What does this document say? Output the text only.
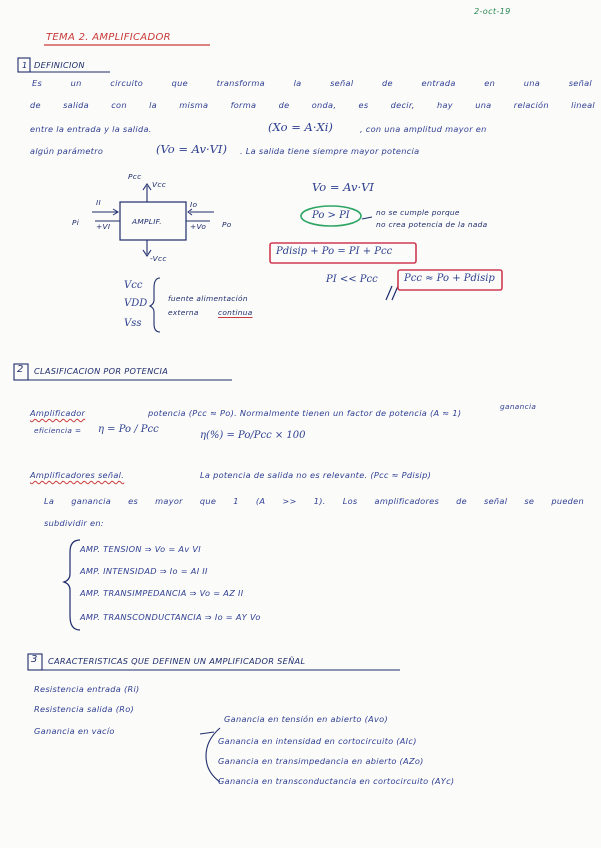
2-oct-19
TEMA 2. AMPLIFICADOR
1 DEFINICION
Es un circuito que transforma la señal de entrada en una señal
de salida con la misma forma de onda, es decir, hay una relación lineal
entre la entrada y la salida.	(Xo = A·Xi)	, con una amplitud mayor en
algún parámetro	(Vo = Av·VI) . La salida tiene siempre mayor potencia
Pcc
Vcc
II	Io
Pi +VI
AMPLIF.
+Vo Po
-Vcc
Vo = Av·VI
Po > PI	no se cumple porque
no crea potencia de la nada
Pdisip + Po = PI + Pcc
PI << Pcc	Pcc ≈ Po + Pdisip
Vcc
VDD
Vss
fuente alimentación
externa	continua
2 CLASIFICACION POR POTENCIA
ganancia
Amplificador	potencia (Pcc ≈ Po). Normalmente tienen un factor de potencia (A ≈ 1)
eficiencia = η = Po / Pcc
η(%) = Po/Pcc × 100
Amplificadores señal.	La potencia de salida no es relevante. (Pcc ≈ Pdisip)
La ganancia es mayor que 1 (A >> 1). Los amplificadores de señal se pueden
subdividir en:
AMP. TENSION ⇒ Vo = Av VI
AMP. INTENSIDAD ⇒ Io = AI II
AMP. TRANSIMPEDANCIA ⇒ Vo = AZ II
AMP. TRANSCONDUCTANCIA ⇒ Io = AY Vo
3 CARACTERISTICAS QUE DEFINEN UN AMPLIFICADOR SEÑAL
Resistencia entrada (Ri)
Resistencia salida (Ro)
Ganancia en vacío
Ganancia en tensión en abierto (Avo)
Ganancia en intensidad en cortocircuito (AIc)
Ganancia en transimpedancia en abierto (AZo)
Ganancia en transconductancia en cortocircuito (AYc)
